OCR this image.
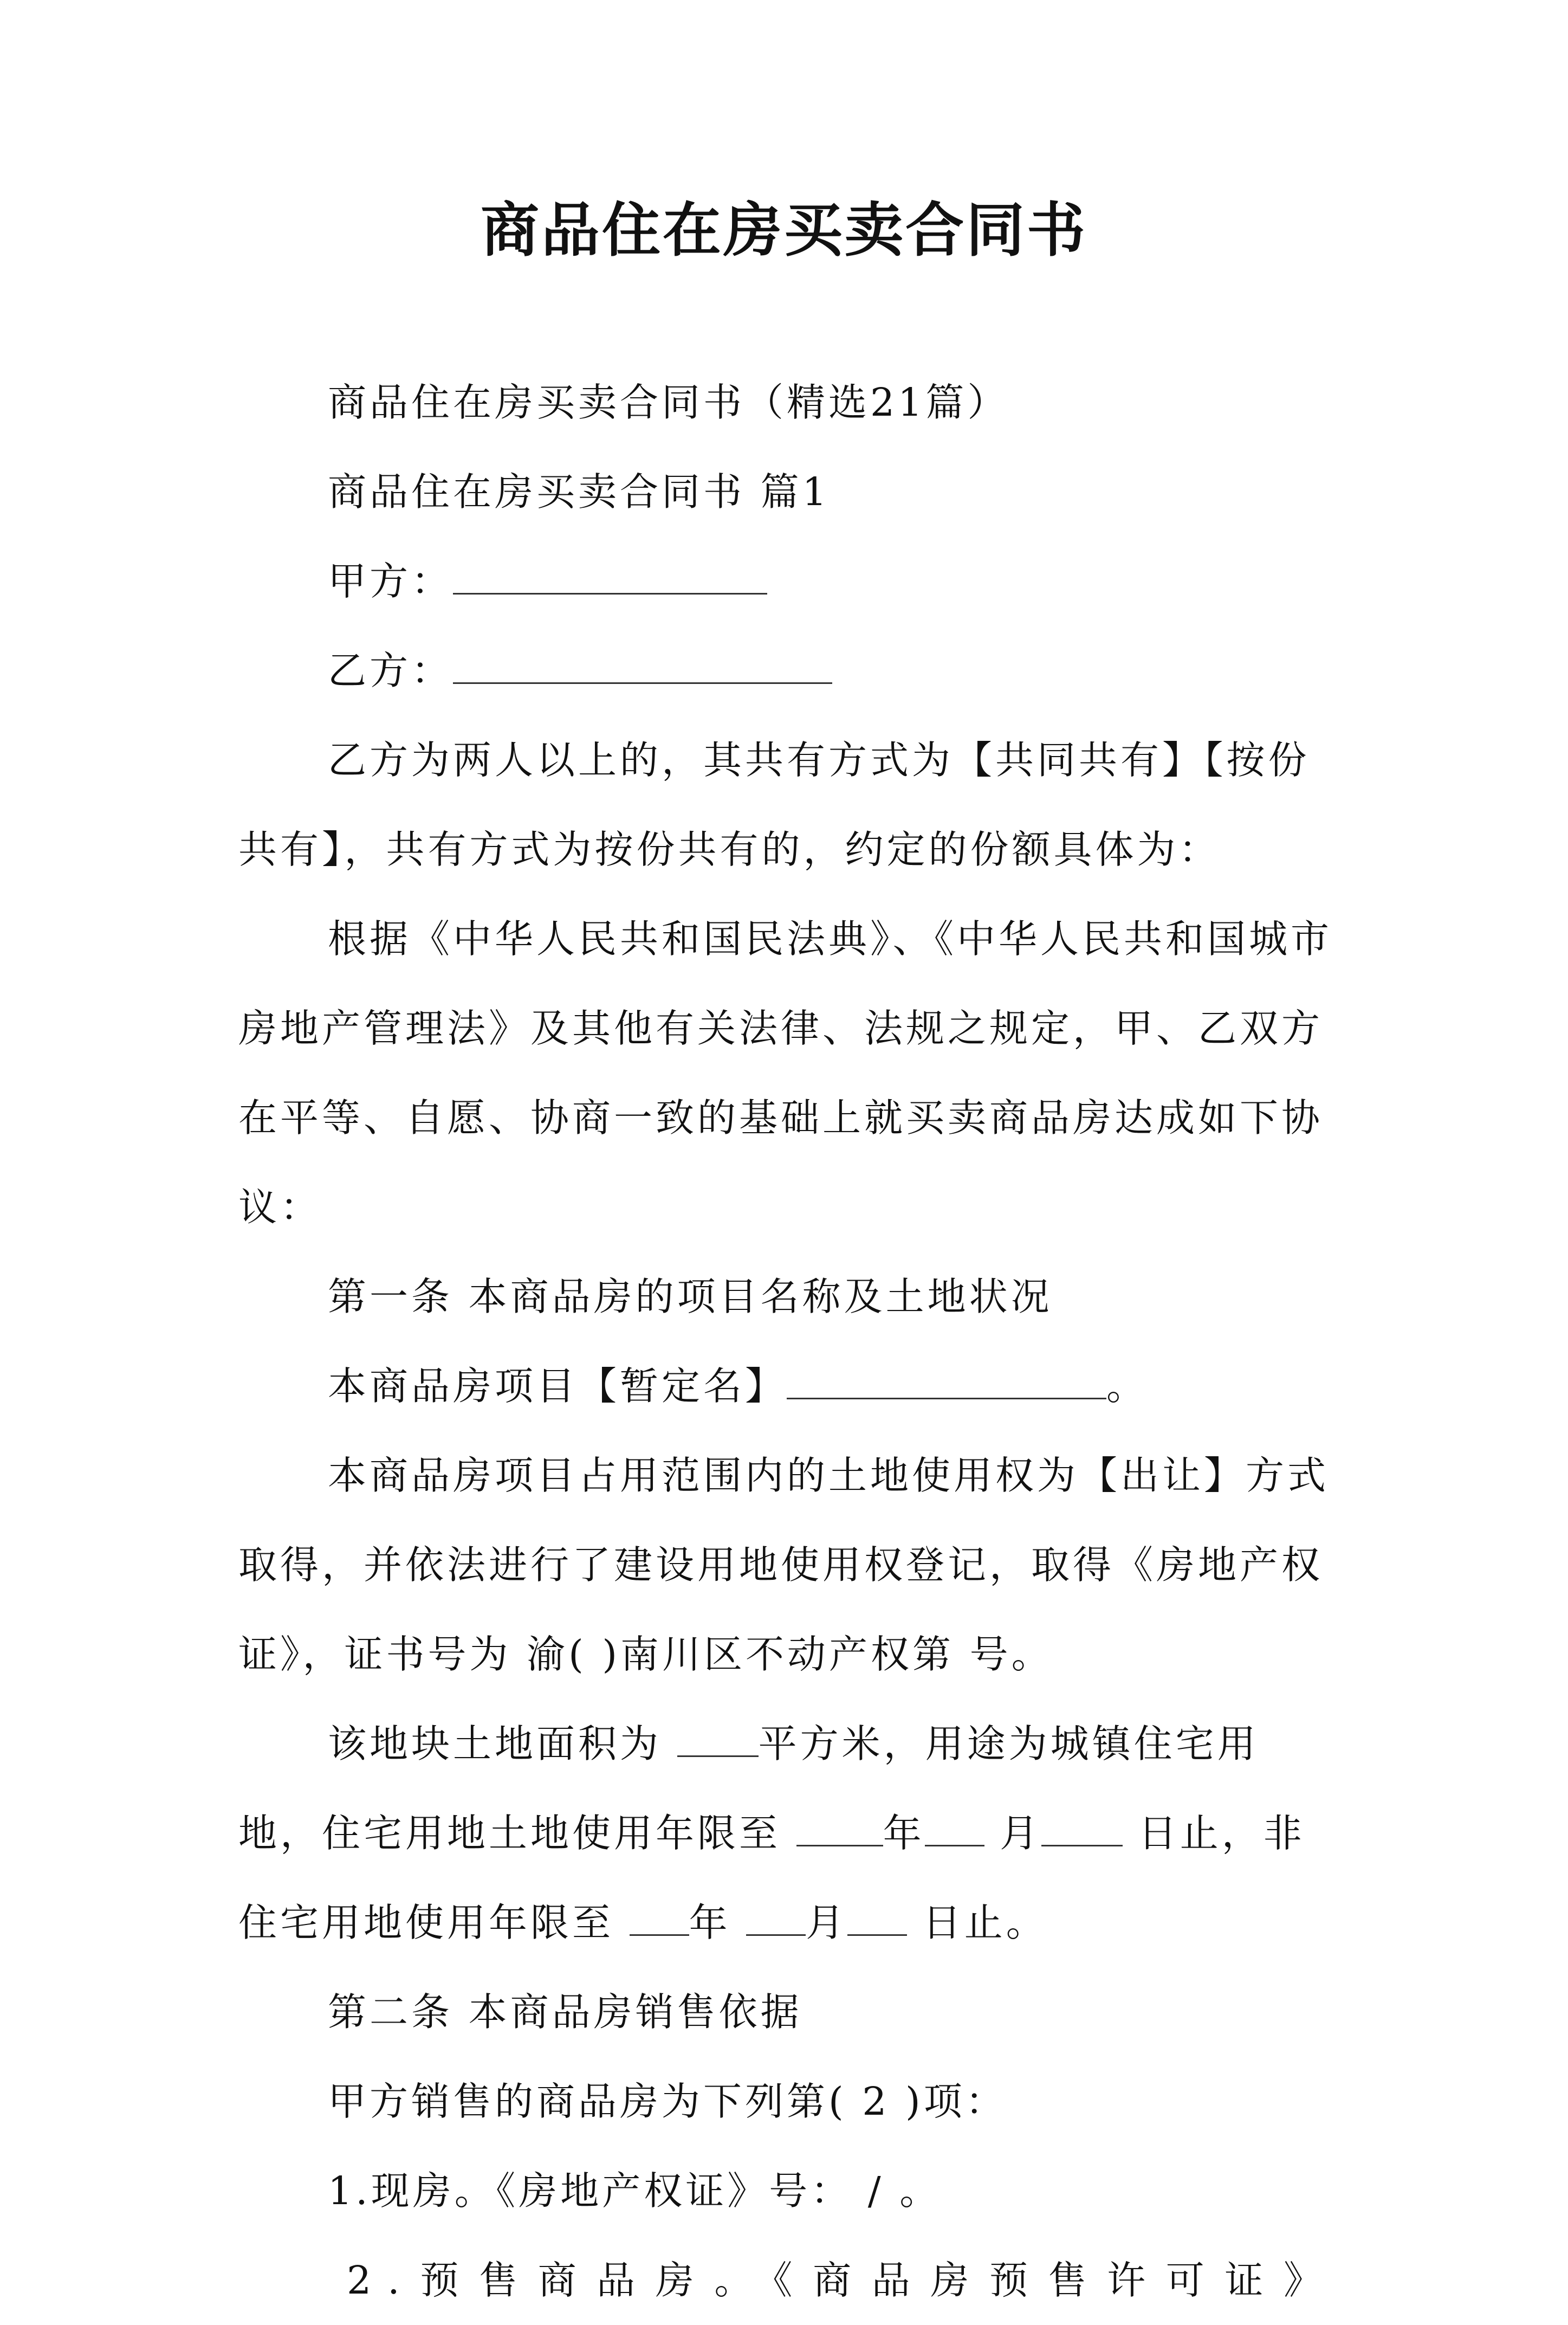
商品住在房买卖合同书

商品住在房买卖合同书（精选21篇）

商品住在房买卖合同书 篇1

甲方：

乙方：

乙方为两人以上的，其共有方式为【共同共有】【按份共有】，共有方式为按份共有的，约定的份额具体为：

根据《中华人民共和国民法典》、《中华人民共和国城市房地产管理法》及其他有关法律、法规之规定，甲、乙双方在平等、自愿、协商一致的基础上就买卖商品房达成如下协议：

第一条 本商品房的项目名称及土地状况

本商品房项目【暂定名】	。

本商品房项目占用范围内的土地使用权为【出让】方式取得，并依法进行了建设用地使用权登记，取得《房地产权证》，证书号为 渝( )南川区不动产权第 号。

该地块土地面积为 平方米，用途为城镇住宅用地，住宅用地土地使用年限至 年 月 日止，非住宅用地使用年限至 年 月 日止。

第二条 本商品房销售依据

甲方销售的商品房为下列第( 2 )项：

1.现房。《房地产权证》号： / 。

2.预售商品房。《商品房预售许可证》
